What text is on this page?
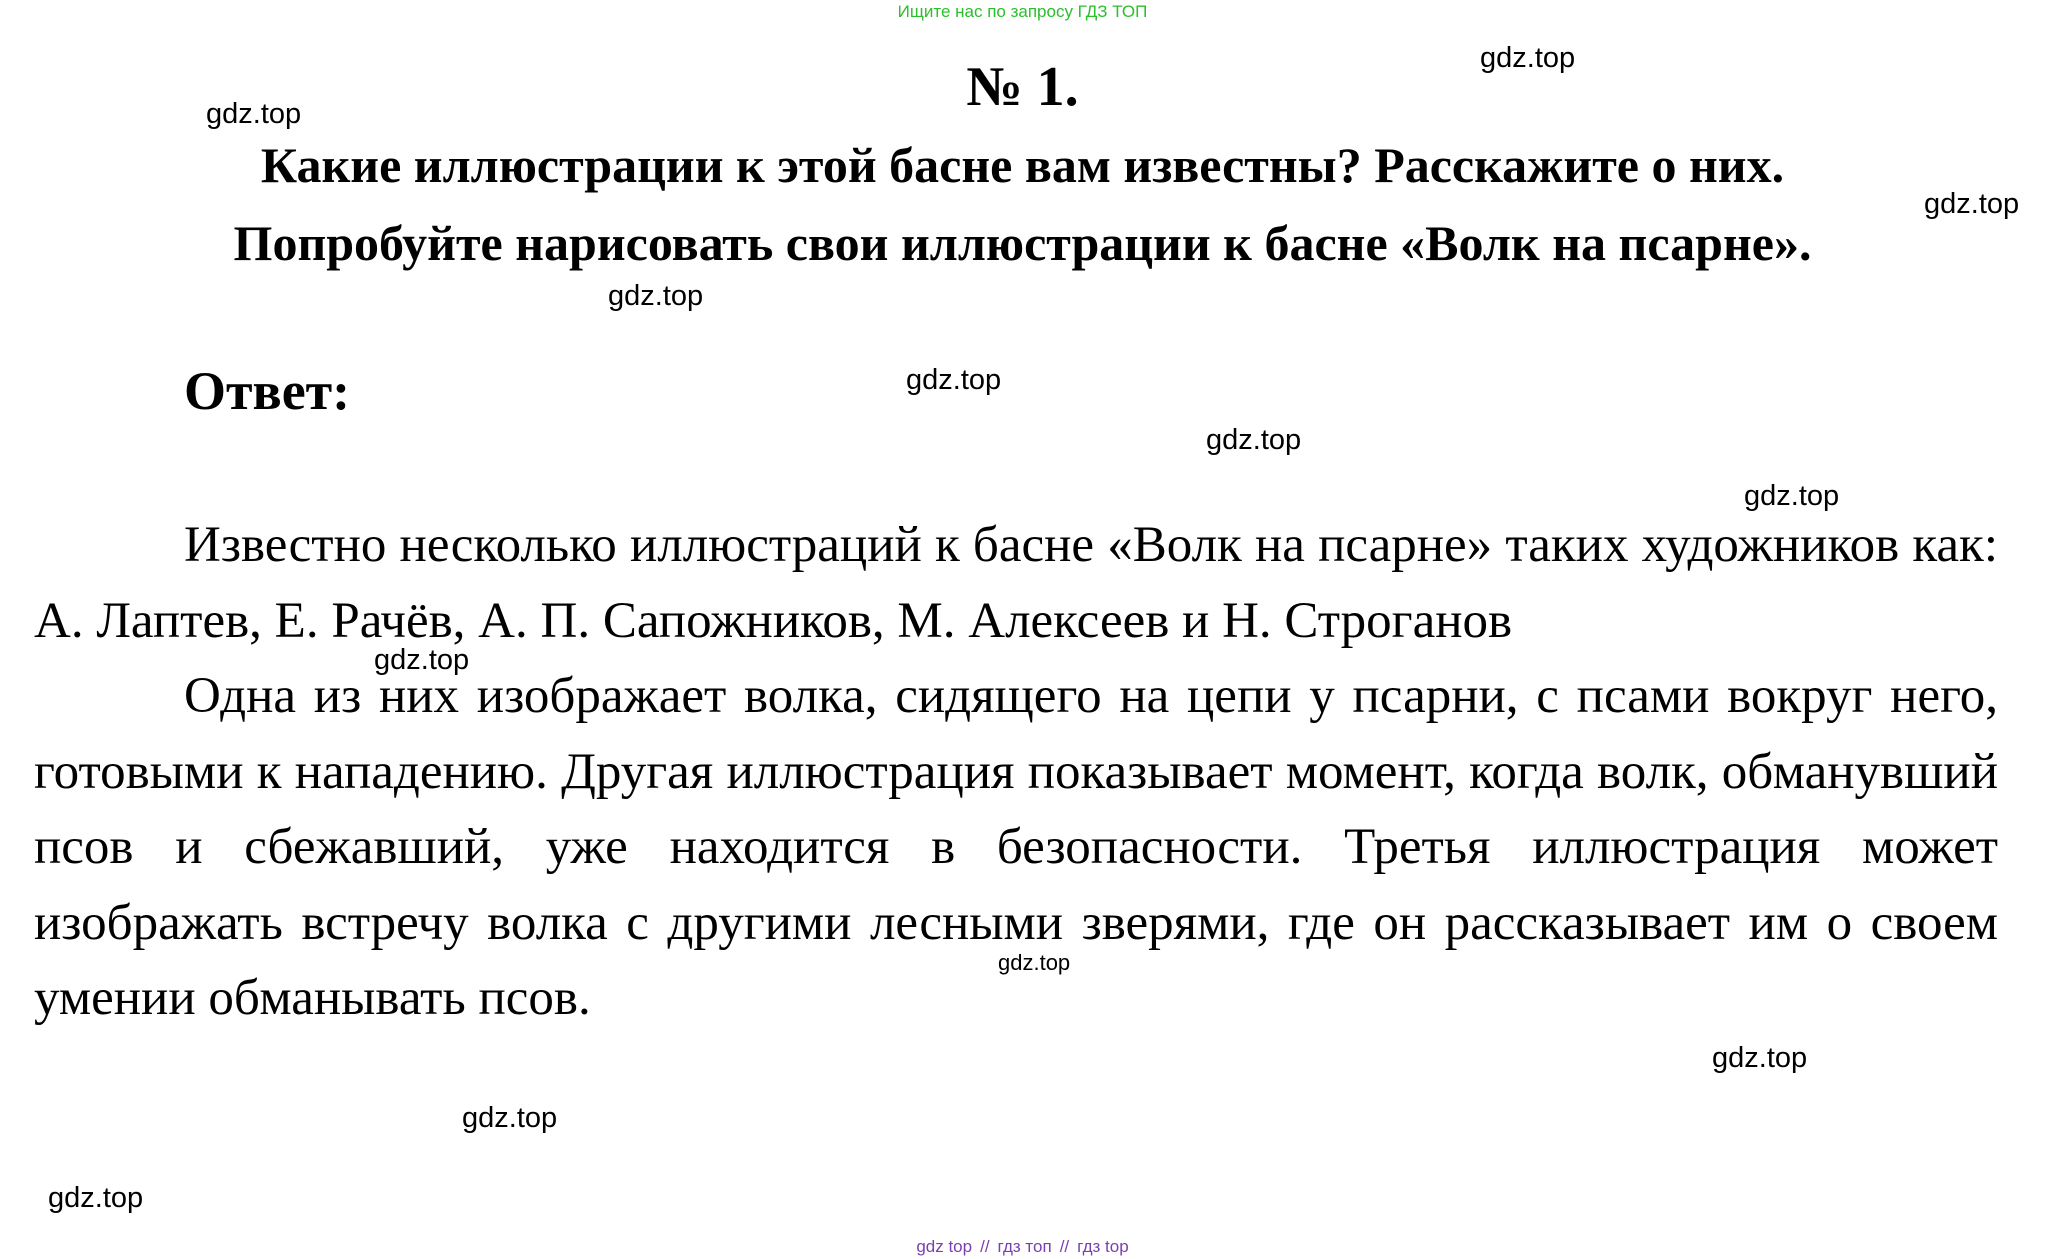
Ищите нас по запросу ГДЗ ТОП
№ 1.
Какие иллюстрации к этой басне вам известны? Расскажите о них.
Попробуйте нарисовать свои иллюстрации к басне «Волк на псарне».
Ответ:

Известно несколько иллюстраций к басне «Волк на псарне» таких художников как: А. Лаптев, Е. Рачёв, А. П. Сапожников, М. Алексеев и Н. Строганов

Одна из них изображает волка, сидящего на цепи у псарни, с псами вокруг него, готовыми к нападению. Другая иллюстрация показывает момент, когда волк, обманувший псов и сбежавший, уже находится в безопасности. Третья иллюстрация может изображать встречу волка с другими лесными зверями, где он рассказывает им о своем умении обманывать псов.

gdz.top
gdz.top
gdz.top
gdz.top
gdz.top
gdz.top
gdz.top
gdz.top
gdz.top
gdz.top
gdz.top
gdz.top
gdz top // гдз топ // гдз top
